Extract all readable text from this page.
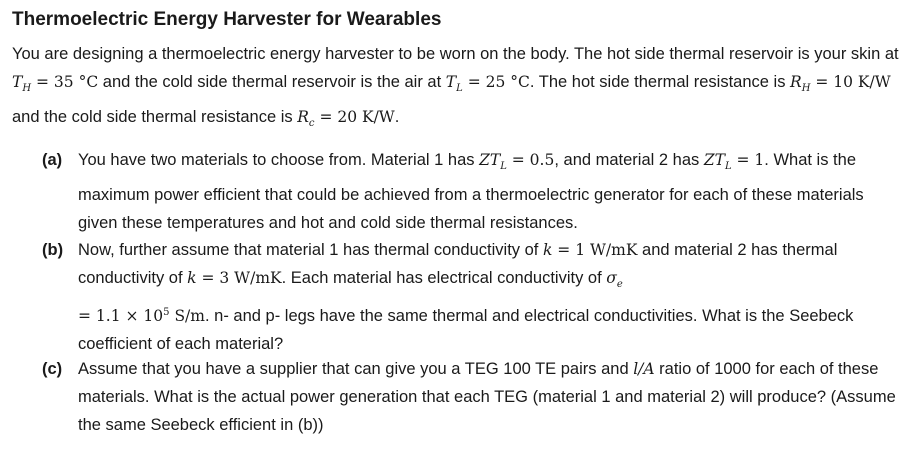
Thermoelectric Energy Harvester for Wearables
You are designing a thermoelectric energy harvester to be worn on the body. The hot side thermal reservoir is your skin at $T_H = 35$ °C and the cold side thermal reservoir is the air at $T_L = 25$ °C. The hot side thermal resistance is $R_H = 10$ K/W and the cold side thermal resistance is $R_c = 20$ K/W.
(a) You have two materials to choose from. Material 1 has $ZT_L = 0.5$, and material 2 has $ZT_L = 1$. What is the maximum power efficient that could be achieved from a thermoelectric generator for each of these materials given these temperatures and hot and cold side thermal resistances.
(b) Now, further assume that material 1 has thermal conductivity of k = 1 W/mK and material 2 has thermal conductivity of k = 3 W/mK. Each material has electrical conductivity of $\sigma_e$
= $1.1 \times 10^5$ S/m. n- and p- legs have the same thermal and electrical conductivities. What is the Seebeck coefficient of each material?
(c) Assume that you have a supplier that can give you a TEG 100 TE pairs and l/A ratio of 1000 for each of these materials. What is the actual power generation that each TEG (material 1 and material 2) will produce? (Assume the same Seebeck efficient in (b))
